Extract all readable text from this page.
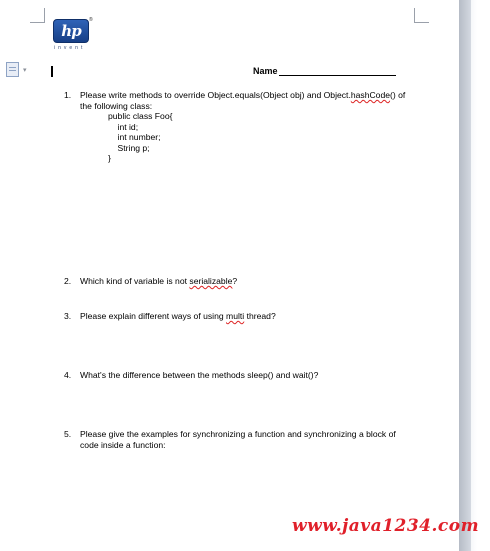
hp
®
invent
▾	Name
1.	Please write methods to override Object.equals(Object obj) and Object.hashCode() of
the following class:
public class Foo{
int id;
int number;
String p;
}
2.	Which kind of variable is not serializable?
3.	Please explain different ways of using multi thread?
4.	What's the difference between the methods sleep() and wait()?
5.	Please give the examples for synchronizing a function and synchronizing a block of
code inside a function:
www.java1234.com
